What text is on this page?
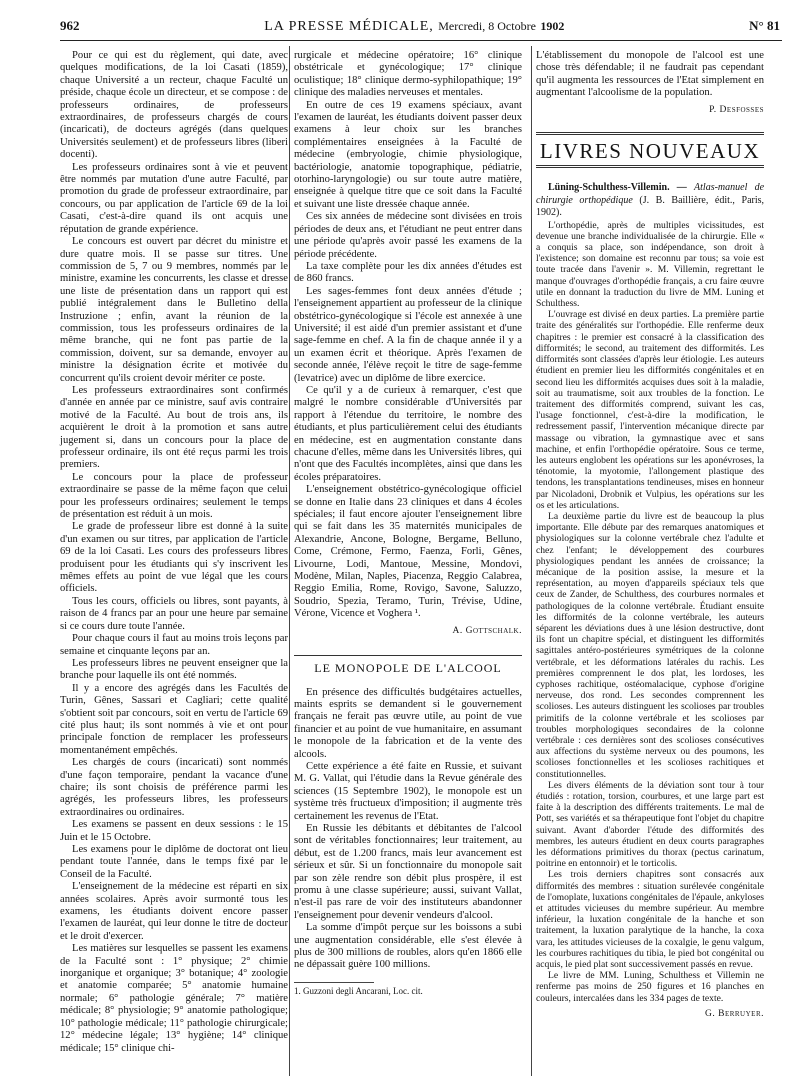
962	LA PRESSE MÉDICALE, Mercredi, 8 Octobre 1902	N° 81

Pour ce qui est du règlement, qui date, avec quelques modifications, de la loi Casati (1859), chaque Université a un recteur, chaque Faculté un préside, chaque école un directeur, et se compose : de professeurs ordinaires, de professeurs extraordinaires, de professeurs chargés de cours (incaricati), de docteurs agrégés (dans quelques Universités seulement) et de professeurs libres (liberi docenti).

Les professeurs ordinaires sont à vie et peuvent être nommés par mutation d'une autre Faculté, par promotion du grade de professeur extraordinaire, par concours, ou par application de l'article 69 de la loi Casati, c'est-à-dire quand ils ont acquis une réputation de grande expérience.

Le concours est ouvert par décret du ministre et dure quatre mois. Il se passe sur titres. Une commission de 5, 7 ou 9 membres, nommés par le ministre, examine les concurrents, les classe et dresse une liste de présentation dans un rapport qui est publié intégralement dans le Bulletino della Instruzione ; enfin, avant la réunion de la commission, tous les professeurs ordinaires de la même branche, qui ne font pas partie de la commission, doivent, sur sa demande, envoyer au ministre la désignation écrite et motivée du concurrent qu'ils croient devoir mériter ce poste.

Les professeurs extraordinaires sont confirmés d'année en année par ce ministre, sauf avis contraire motivé de la Faculté. Au bout de trois ans, ils acquièrent le droit à la promotion et sans autre jugement si, dans un concours pour la place de professeur ordinaire, ils ont été reçus parmi les trois premiers.

Le concours pour la place de professeur extraordinaire se passe de la même façon que celui pour les professeurs ordinaires; seulement le temps de présentation est réduit à un mois.

Le grade de professeur libre est donné à la suite d'un examen ou sur titres, par application de l'article 69 de la loi Casati. Les cours des professeurs libres produisent pour les étudiants qui s'y inscrivent les mêmes effets au point de vue légal que les cours officiels.

Tous les cours, officiels ou libres, sont payants, à raison de 4 francs par an pour une heure par semaine si ce cours dure toute l'année.

Pour chaque cours il faut au moins trois leçons par semaine et cinquante leçons par an.

Les professeurs libres ne peuvent enseigner que la branche pour laquelle ils ont été nommés.

Il y a encore des agrégés dans les Facultés de Turin, Gênes, Sassari et Cagliari; cette qualité s'obtient soit par concours, soit en vertu de l'article 69 cité plus haut; ils sont nommés à vie et ont pour principale fonction de remplacer les professeurs momentanément empêchés.

Les chargés de cours (incaricati) sont nommés d'une façon temporaire, pendant la vacance d'une chaire; ils sont choisis de préférence parmi les agrégés, les professeurs libres, les professeurs extraordinaires ou ordinaires.

Les examens se passent en deux sessions : le 15 Juin et le 15 Octobre.

Les examens pour le diplôme de doctorat ont lieu pendant toute l'année, dans le temps fixé par le Conseil de la Faculté.

L'enseignement de la médecine est réparti en six années scolaires. Après avoir surmonté tous les examens, les étudiants doivent encore passer l'examen de lauréat, qui leur donne le titre de docteur et le droit d'exercer.

Les matières sur lesquelles se passent les examens de la Faculté sont : 1° physique; 2° chimie inorganique et organique; 3° botanique; 4° zoologie et anatomie comparée; 5° anatomie humaine normale; 6° pathologie générale; 7° matière médicale; 8° physiologie; 9° anatomie pathologique; 10° pathologie médicale; 11° pathologie chirurgicale; 12° médecine légale; 13° hygiène; 14° clinique médicale; 15° clinique chi-

rurgicale et médecine opératoire; 16° clinique obstétricale et gynécologique; 17° clinique oculistique; 18° clinique dermo-syphilopathique; 19° clinique des maladies nerveuses et mentales.

En outre de ces 19 examens spéciaux, avant l'examen de lauréat, les étudiants doivent passer deux examens à leur choix sur les branches complémentaires enseignées à la Faculté de médecine (embryologie, chimie physiologique, bactériologie, anatomie topographique, pédiatrie, otorhino-laryngologie) ou sur toute autre matière, enseignée à quelque titre que ce soit dans la Faculté et suivant une liste dressée chaque année.

Ces six années de médecine sont divisées en trois périodes de deux ans, et l'étudiant ne peut entrer dans une période qu'après avoir passé les examens de la période précédente.

La taxe complète pour les dix années d'études est de 860 francs.

Les sages-femmes font deux années d'étude ; l'enseignement appartient au professeur de la clinique obstétrico-gynécologique si l'école est annexée à une Université; il est aidé d'un premier assistant et d'une sage-femme en chef. A la fin de chaque année il y a un examen écrit et théorique. Après l'examen de seconde année, l'élève reçoit le titre de sage-femme (levatrice) avec un diplôme de libre exercice.

Ce qu'il y a de curieux à remarquer, c'est que malgré le nombre considérable d'Universités par rapport à l'étendue du territoire, le nombre des étudiants, et plus particulièrement celui des étudiants en médecine, est en augmentation constante dans chacune d'elles, même dans les Universités libres, qui n'ont que des Facultés incomplètes, ainsi que dans les écoles préparatoires.

L'enseignement obstétrico-gynécologique officiel se donne en Italie dans 23 cliniques et dans 4 écoles spéciales; il faut encore ajouter l'enseignement libre qui se fait dans les 35 maternités municipales de Alexandrie, Ancone, Bologne, Bergame, Belluno, Come, Crémone, Fermo, Faenza, Forli, Gênes, Livourne, Lodi, Mantoue, Messine, Mondovi, Modène, Milan, Naples, Piacenza, Reggio Calabrea, Reggio Emilia, Rome, Rovigo, Savone, Saluzzo, Soudrio, Spezia, Teramo, Turin, Trévise, Udine, Vérone, Vicence et Voghera ¹.

A. Gottschalk.
LE MONOPOLE DE L'ALCOOL

En présence des difficultés budgétaires actuelles, maints esprits se demandent si le gouvernement français ne ferait pas œuvre utile, au point de vue financier et au point de vue humanitaire, en assumant le monopole de la fabrication et de la vente des alcools.

Cette expérience a été faite en Russie, et suivant M. G. Vallat, qui l'étudie dans la Revue générale des sciences (15 Septembre 1902), le monopole est un système très fructueux d'imposition; il augmente très certainement les revenus de l'Etat.

En Russie les débitants et débitantes de l'alcool sont de véritables fonctionnaires; leur traitement, au début, est de 1.200 francs, mais leur avancement est sérieux et sûr. Si un fonctionnaire du monopole sait par son zèle rendre son débit plus prospère, il est promu à une classe supérieure; aussi, suivant Vallat, n'est-il pas rare de voir des instituteurs abandonner l'enseignement pour devenir vendeurs d'alcool.

La somme d'impôt perçue sur les boissons a subi une augmentation considérable, elle s'est élevée à plus de 300 millions de roubles, alors qu'en 1866 elle ne dépassait guère 100 millions.

1. Guzzoni degli Ancarani, Loc. cit.

L'établissement du monopole de l'alcool est une chose très défendable; il ne faudrait pas cependant qu'il augmenta les ressources de l'Etat simplement en augmentant l'alcoolisme de la population.

P. Desfosses
LIVRES NOUVEAUX

Lüning-Schulthess-Villemin. — Atlas-manuel de chirurgie orthopédique (J. B. Baillière, édit., Paris, 1902).

L'orthopédie, après de multiples vicissitudes, est devenue une branche individualisée de la chirurgie. Elle « a conquis sa place, son indépendance, son droit à l'existence; son domaine est reconnu par tous; sa voie est toute tracée dans l'avenir ». M. Villemin, regrettant le manque d'ouvrages d'orthopédie français, a cru faire œuvre utile en donnant la traduction du livre de MM. Luning et Schulthess.

L'ouvrage est divisé en deux parties. La première partie traite des généralités sur l'orthopédie. Elle renferme deux chapitres : le premier est consacré à la classification des difformités; le second, au traitement des difformités. Les difformités sont classées d'après leur étiologie. Les auteurs étudient en premier lieu les difformités congénitales et en second lieu les difformités acquises dues soit à la maladie, soit au traumatisme, soit aux troubles de la fonction. Le traitement des difformités comprend, suivant les cas, l'usage fonctionnel, c'est-à-dire la modification, le redressement passif, l'intervention mécanique directe par massage ou vibration, la gymnastique avec et sans machine, et enfin l'orthopédie opératoire. Sous ce terme, les auteurs englobent les opérations sur les aponévroses, la ténotomie, la myotomie, l'allongement plastique des tendons, les transplantations tendineuses, mises en honneur par Nicoladoni, Drobnik et Vulpius, les opérations sur les os et les articulations.

La deuxième partie du livre est de beaucoup la plus importante. Elle débute par des remarques anatomiques et physiologiques sur la colonne vertébrale chez l'adulte et chez l'enfant; le développement des courbures physiologiques pendant les années de croissance; la mécanique de la position assise, la mesure et la représentation, au moyen d'appareils spéciaux tels que ceux de Zander, de Schulthess, des courbures normales et pathologiques de la colonne vertébrale. Étudiant ensuite les difformités de la colonne vertébrale, les auteurs séparent les déviations dues à une lésion destructive, dont ils font un chapitre spécial, et distinguent les difformités sagittales antéro-postérieures symétriques de la colonne vertébrale, et les déformations latérales du rachis. Les premières comprennent le dos plat, les lordoses, les cyphoses rachitique, ostéomalacique, cyphose d'origine nerveuse, dos rond. Les secondes comprennent les scolioses. Les auteurs distinguent les scolioses par troubles primitifs de la colonne vertébrale et les scolioses par troubles morphologiques secondaires de la colonne vertébrale : ces dernières sont des scolioses consécutives aux affections du système nerveux ou des poumons, les scolioses fonctionnelles et les scolioses rachitiques et constitutionnelles.

Les divers éléments de la déviation sont tour à tour étudiés : rotation, torsion, courbures, et une large part est faite à la description des différents traitements. Le mal de Pott, ses variétés et sa thérapeutique font l'objet du chapitre suivant. Avant d'aborder l'étude des difformités des membres, les auteurs étudient en deux courts paragraphes les déformations primitives du thorax (pectus carinatum, poitrine en entonnoir) et le torticolis.

Les trois derniers chapitres sont consacrés aux difformités des membres : situation surélevée congénitale de l'omoplate, luxations congénitales de l'épaule, ankyloses et attitudes vicieuses du membre supérieur. Au membre inférieur, la luxation congénitale de la hanche et son traitement, la luxation paralytique de la hanche, la coxa vara, les attitudes vicieuses de la coxalgie, le genu valgum, les courbures rachitiques du tibia, le pied bot congénital ou acquis, le pied plat sont successivement passés en revue.

Le livre de MM. Luning, Schulthess et Villemin ne renferme pas moins de 250 figures et 16 planches en couleurs, intercalées dans les 334 pages de texte.

G. Berruyer.
